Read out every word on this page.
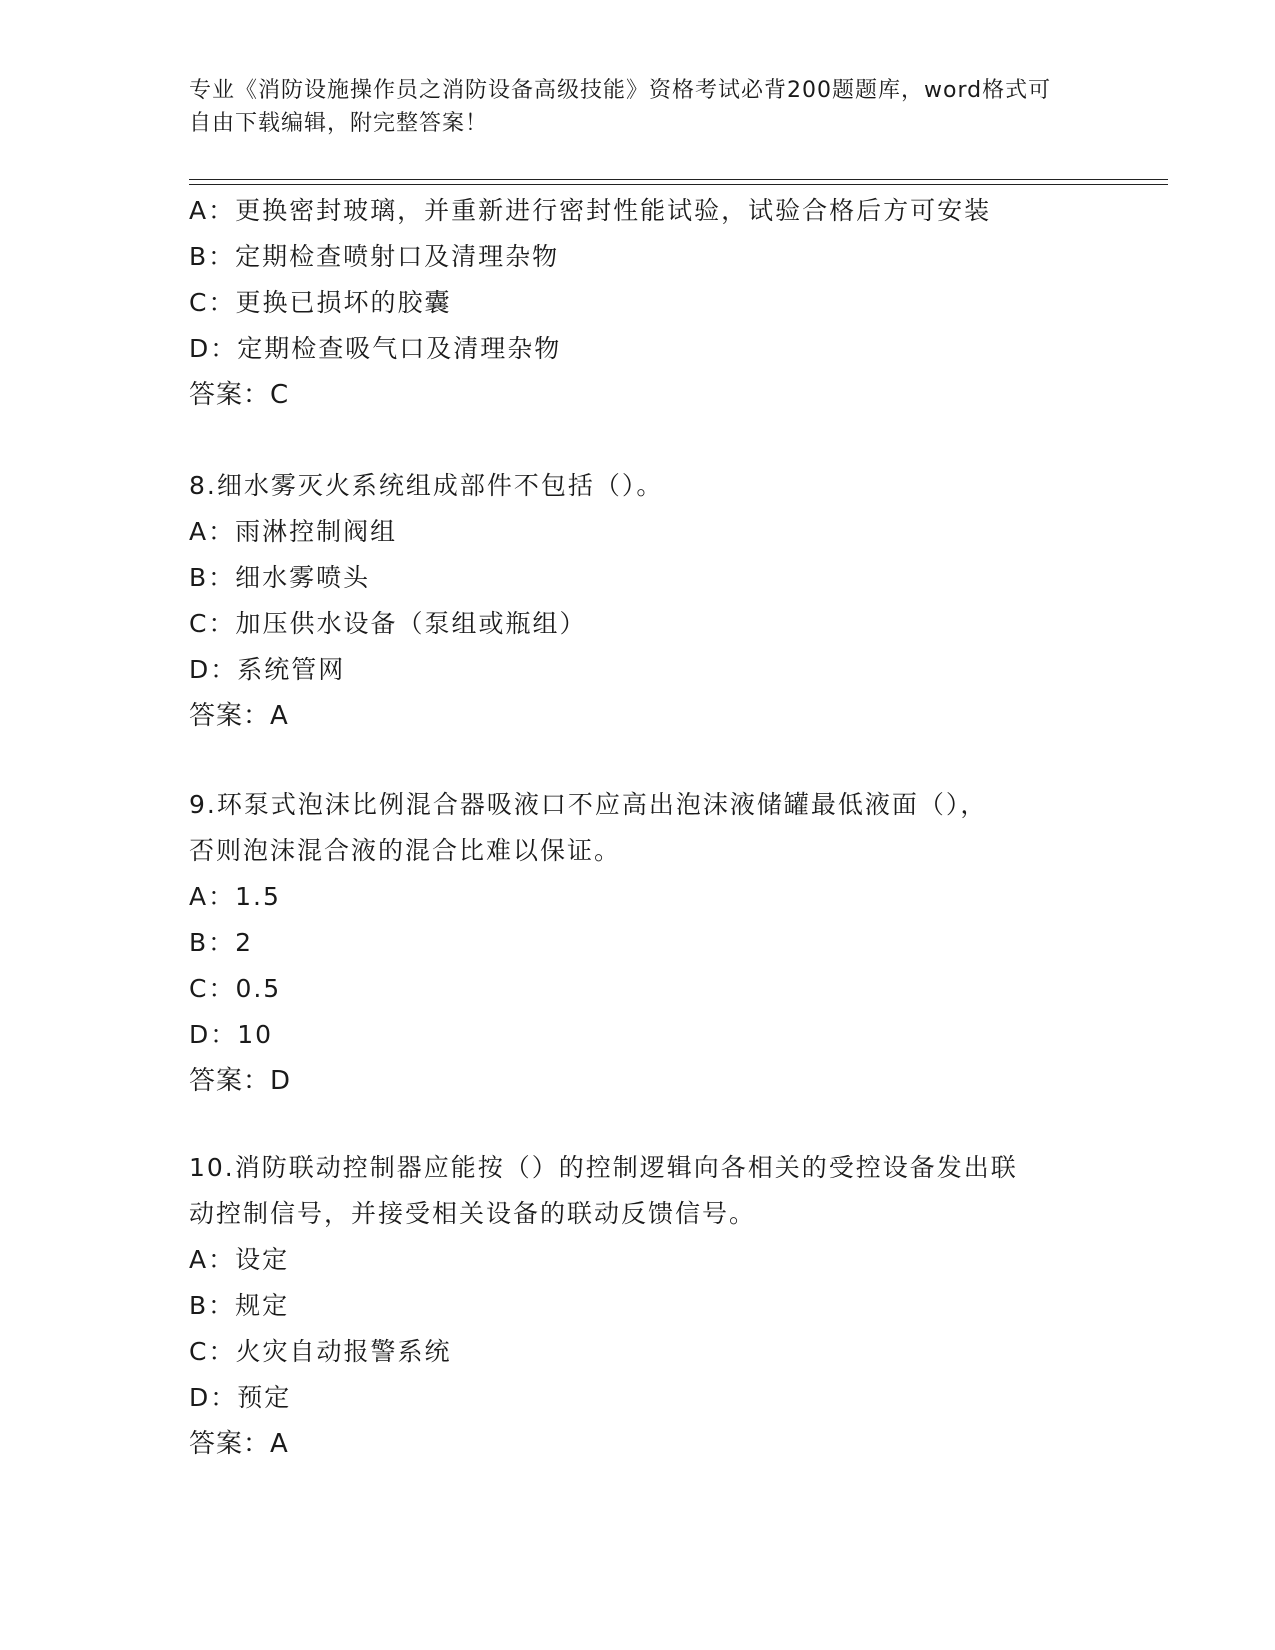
专业《消防设施操作员之消防设备高级技能》资格考试必背200题题库，word格式可自由下载编辑，附完整答案！
A：更换密封玻璃，并重新进行密封性能试验，试验合格后方可安装
B：定期检查喷射口及清理杂物
C：更换已损坏的胶囊
D：定期检查吸气口及清理杂物
答案：C
8.细水雾灭火系统组成部件不包括（）。
A：雨淋控制阀组
B：细水雾喷头
C：加压供水设备（泵组或瓶组）
D：系统管网
答案：A
9.环泵式泡沫比例混合器吸液口不应高出泡沫液储罐最低液面（），
否则泡沫混合液的混合比难以保证。
A：1.5
B：2
C：0.5
D：10
答案：D
10.消防联动控制器应能按（）的控制逻辑向各相关的受控设备发出联
动控制信号，并接受相关设备的联动反馈信号。
A：设定
B：规定
C：火灾自动报警系统
D：预定
答案：A
